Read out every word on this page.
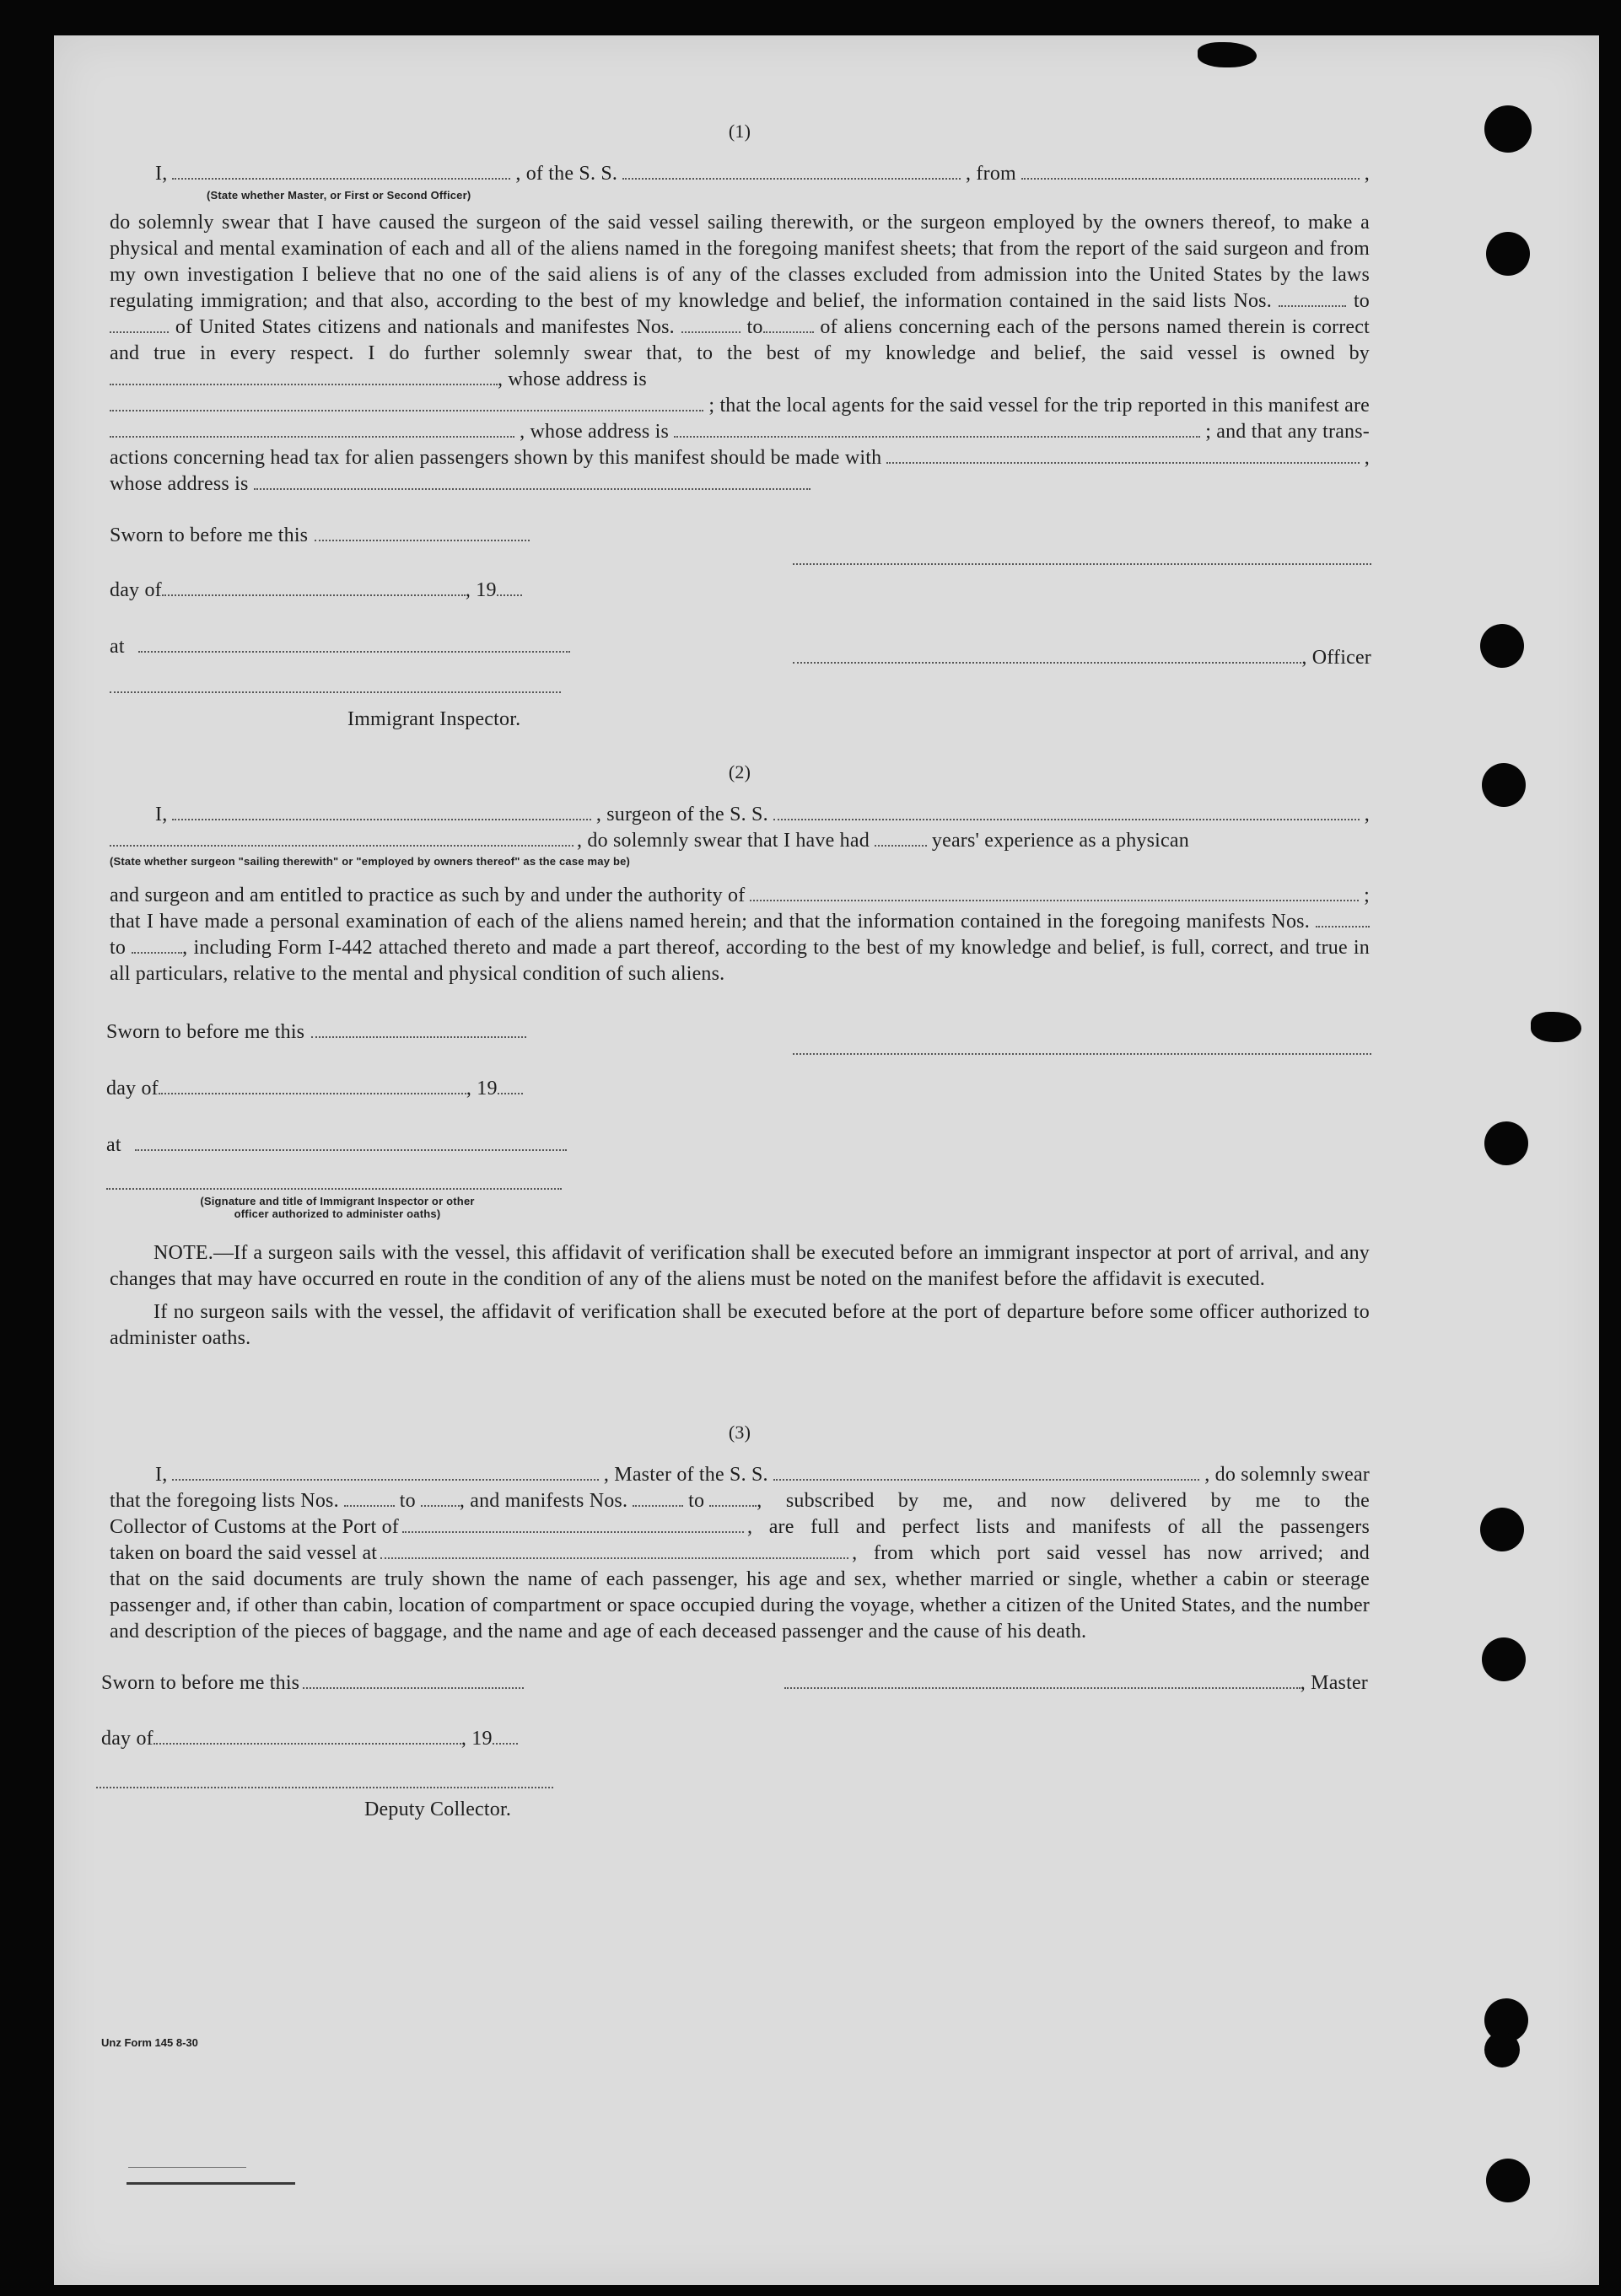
(1)
I,	, of the S. S.	, from	,
(State whether Master, or First or Second Officer)
do solemnly swear that I have caused the surgeon of the said vessel sailing therewith, or the surgeon employed by the owners thereof, to make a physical and mental examination of each and all of the aliens named in the foregoing manifest sheets; that from the report of the said surgeon and from my own investigation I believe that no one of the said aliens is of any of the classes excluded from admission into the United States by the laws regulating immigration; and that also, according to the best of my knowledge and belief, the information contained in the said lists Nos.	to  of United States citizens and nationals and manifestes Nos.	to	of aliens concerning each of the persons named therein is correct and true in every respect. I do further solemnly swear that, to the best of my knowledge and belief, the said vessel is owned by , whose address is
; that the local agents for the said vessel for the trip reported in this manifest are
, whose address is	; and that any trans-
actions concerning head tax for alien passengers shown by this manifest should be made with	,
whose address is
Sworn to before me this
day of	, 19
at	, Officer
Immigrant Inspector.
(2)
I,	, surgeon of the S. S.	,
, do solemnly swear that I have had	years' experience as a physican
(State whether surgeon "sailing therewith" or "employed by owners thereof" as the case may be)
and surgeon and am entitled to practice as such by and under the authority of	;
that I have made a personal examination of each of the aliens named herein; and that the information contained in the foregoing manifests Nos.  to	, including Form I-442 attached thereto and made a part thereof, according to the best of my knowledge and belief, is full, correct, and true in all particulars, relative to the mental and physical condition of such aliens.
Sworn to before me this
day of	, 19
at
(Signature and title of Immigrant Inspector or other
officer authorized to administer oaths)
NOTE.—If a surgeon sails with the vessel, this affidavit of verification shall be executed before an immigrant inspector at port of arrival, and any changes that may have occurred en route in the condition of any of the aliens must be noted on the manifest before the affidavit is executed.
If no surgeon sails with the vessel, the affidavit of verification shall be executed before at the port of departure before some officer authorized to administer oaths.
(3)
I,	, Master of the S. S.	, do solemnly swear
that the foregoing lists Nos.	to , and manifests Nos.	to	, subscribed by me, and now delivered by me to the
Collector of Customs at the Port of	, are full and perfect lists and manifests of all the passengers
taken on board the said vessel at	, from which port said vessel has now arrived; and
that on the said documents are truly shown the name of each passenger, his age and sex, whether married or single, whether a cabin or steerage passenger and, if other than cabin, location of compartment or space occupied during the voyage, whether a citizen of the United States, and the number and description of the pieces of baggage, and the name and age of each deceased passenger and the cause of his death.
Sworn to before me this	, Master
day of	, 19
Deputy Collector.
Unz Form 145 8-30
